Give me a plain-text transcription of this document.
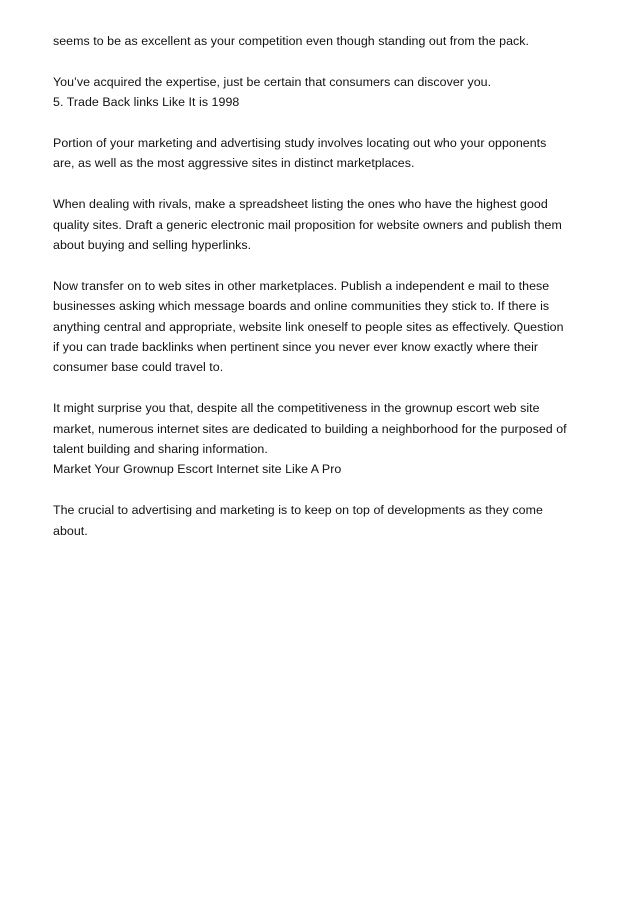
seems to be as excellent as your competition even though standing out from the pack.

You’ve acquired the expertise, just be certain that consumers can discover you.
5. Trade Back links Like It is 1998

Portion of your marketing and advertising study involves locating out who your opponents
are, as well as the most aggressive sites in distinct marketplaces.

When dealing with rivals, make a spreadsheet listing the ones who have the highest good
quality sites. Draft a generic electronic mail proposition for website owners and publish them
about buying and selling hyperlinks.

Now transfer on to web sites in other marketplaces. Publish a independent e mail to these
businesses asking which message boards and online communities they stick to. If there is
anything central and appropriate, website link oneself to people sites as effectively. Question
if you can trade backlinks when pertinent since you never ever know exactly where their
consumer base could travel to.

It might surprise you that, despite all the competitiveness in the grownup escort web site
market, numerous internet sites are dedicated to building a neighborhood for the purposed of
talent building and sharing information.
Market Your Grownup Escort Internet site Like A Pro

The crucial to advertising and marketing is to keep on top of developments as they come
about.
